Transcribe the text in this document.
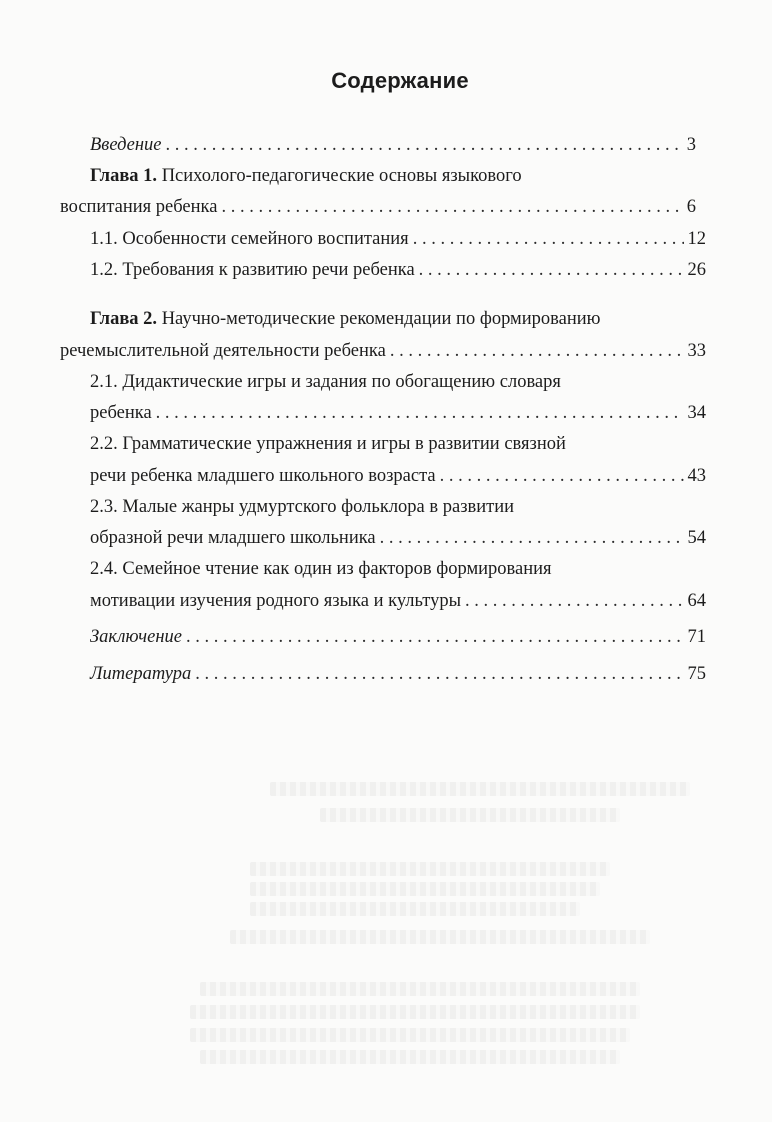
Содержание
Введение . . .	3
Глава 1. Психолого-педагогические основы языкового
воспитания ребенка . . .	6
1.1. Особенности семейного воспитания . . .	12
1.2. Требования к развитию речи ребенка . . .	26
Глава 2. Научно-методические рекомендации по формированию
речемыслительной деятельности ребенка . . .	33
2.1. Дидактические игры и задания по обогащению словаря
ребенка . . .	34
2.2. Грамматические упражнения и игры в развитии связной
речи ребенка младшего школьного возраста . . .	43
2.3. Малые жанры удмуртского фольклора в развитии
образной речи младшего школьника . . .	54
2.4. Семейное чтение как один из факторов формирования
мотивации изучения родного языка и культуры . . .	64
Заключение . . .	71
Литература . . .	75
